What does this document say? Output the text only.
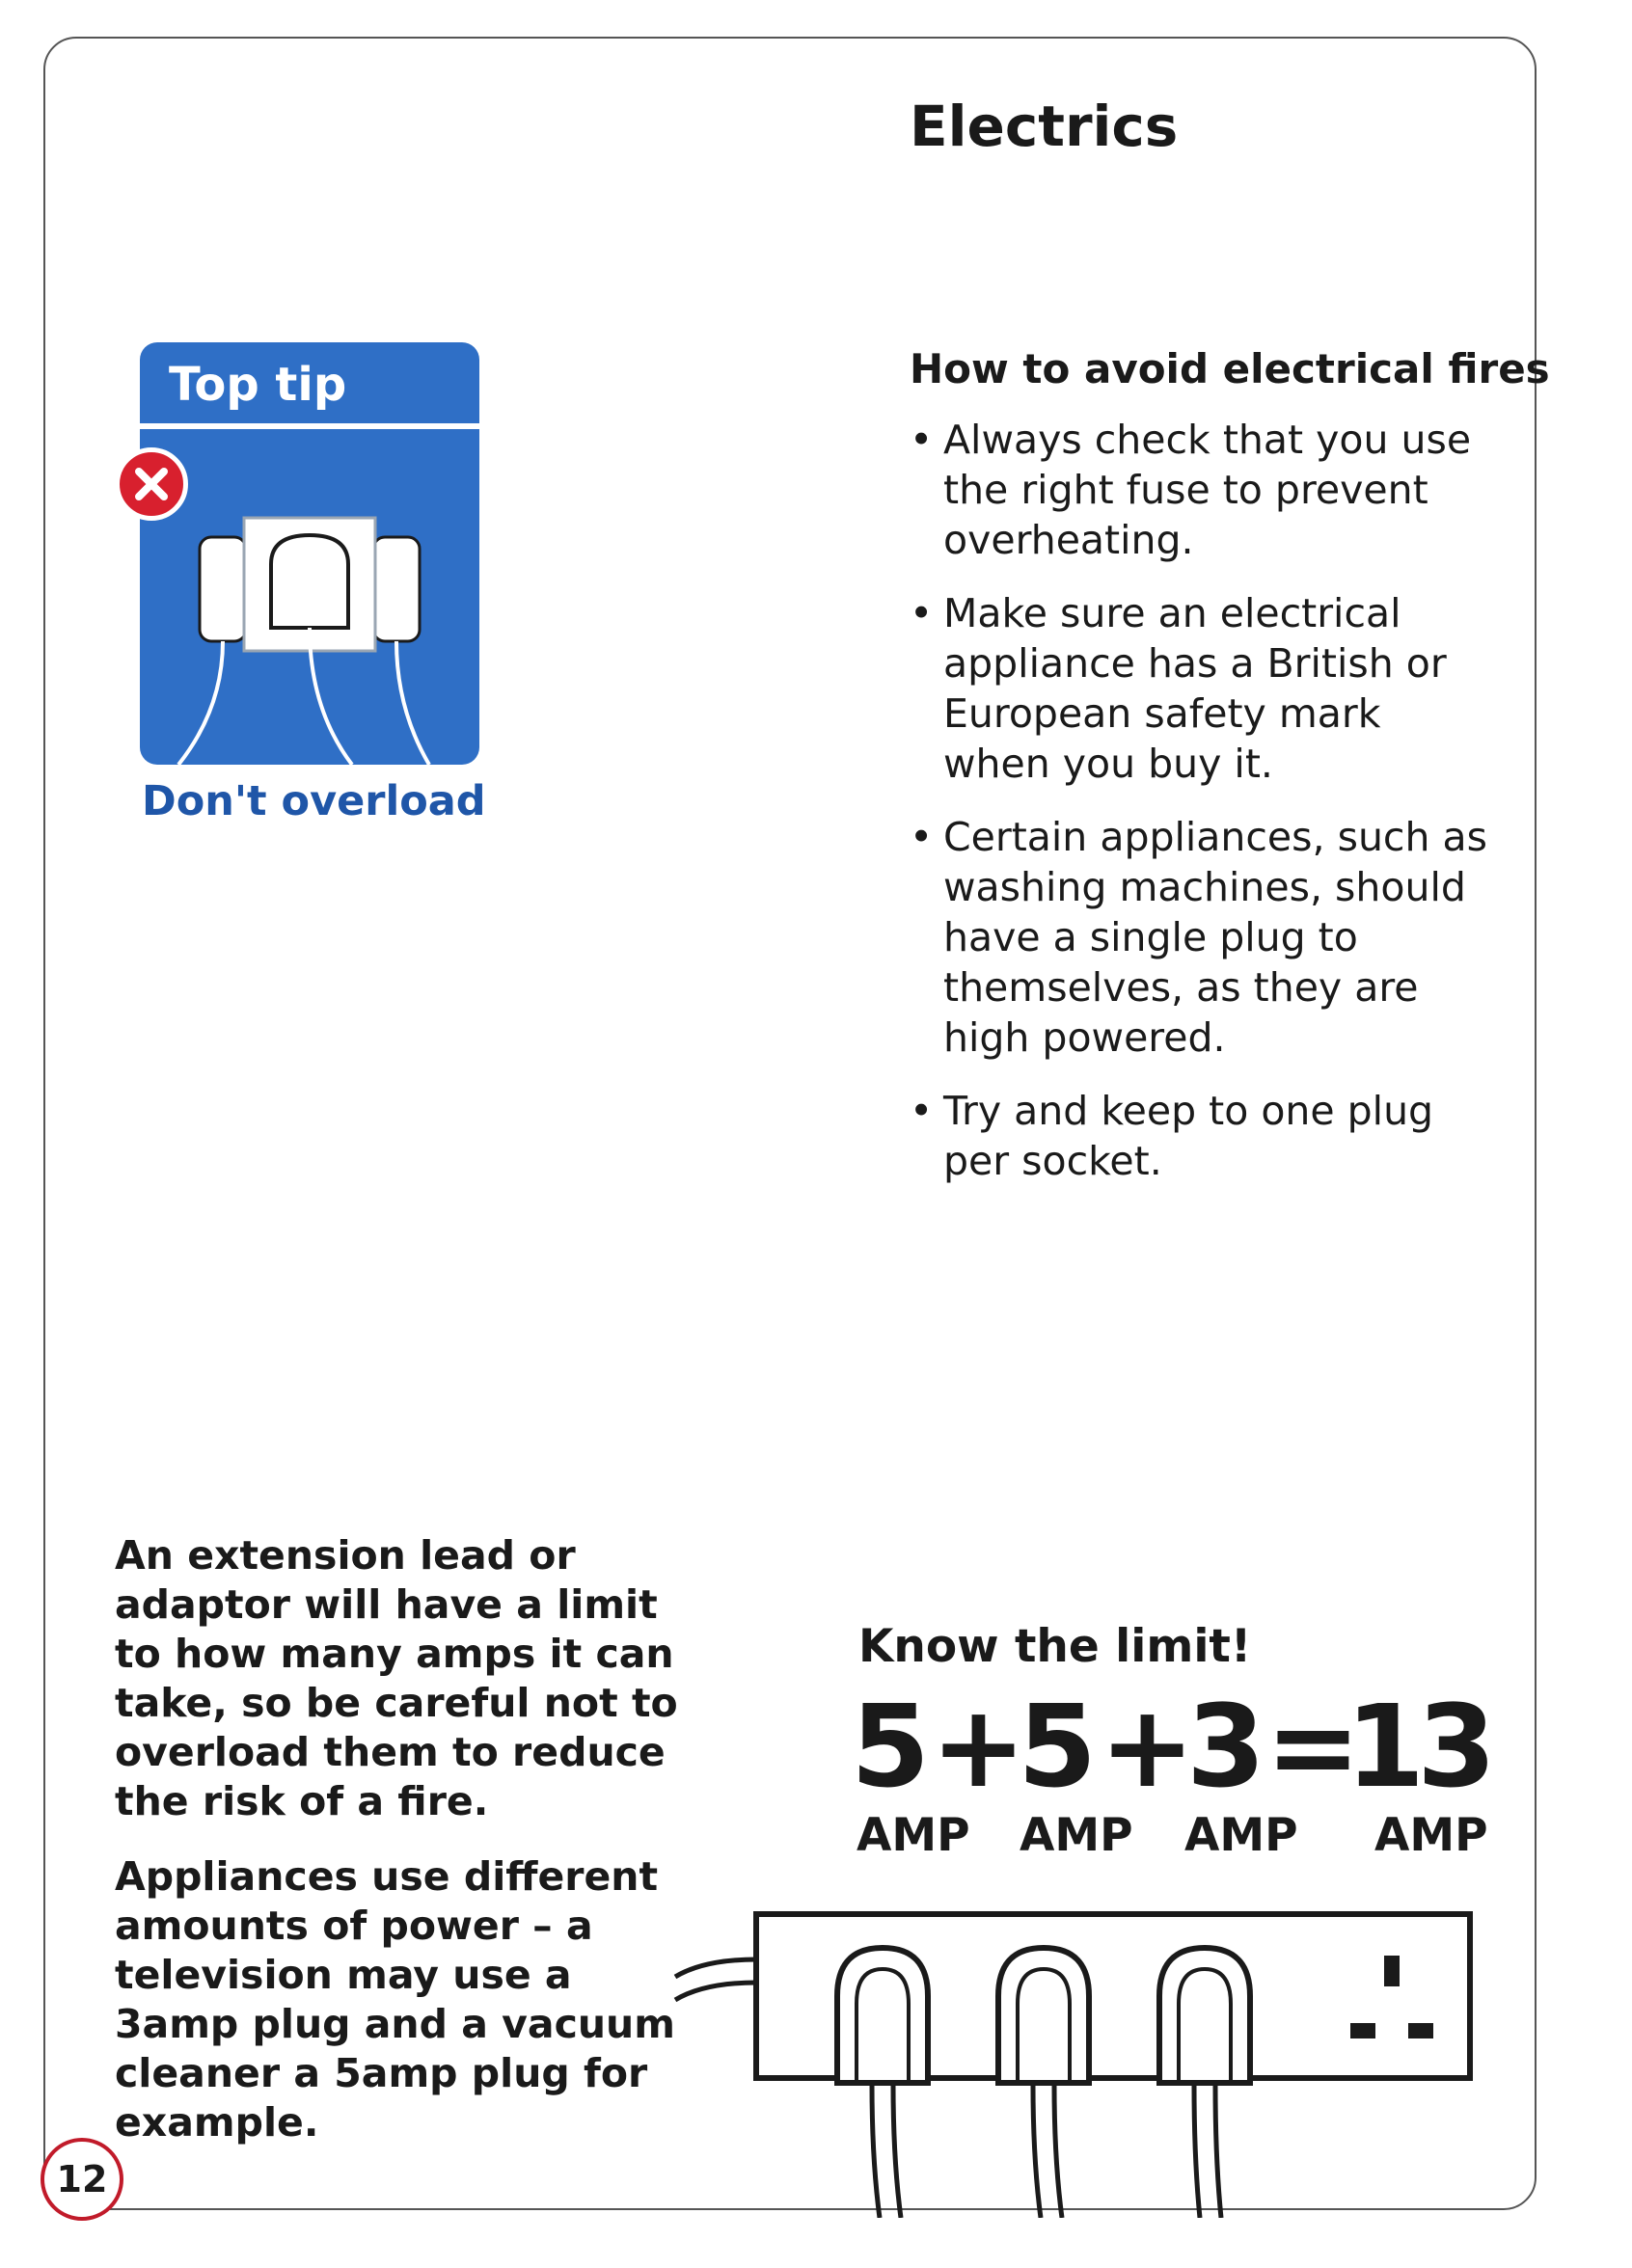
Electrics
Top tip
Don't overload
How to avoid electrical fires
• Always check that you use the right fuse to prevent overheating.
• Make sure an electrical appliance has a British or European safety mark when you buy it.
• Certain appliances, such as washing machines, should have a single plug to themselves, as they are high powered.
• Try and keep to one plug per socket.

An extension lead or adaptor will have a limit to how many amps it can take, so be careful not to overload them to reduce the risk of a fire.

Appliances use different amounts of power – a television may use a 3amp plug and a vacuum cleaner a 5amp plug for example.

Know the limit!
5 +
5 +
3 =
13
AMP AMP AMP AMP
12
